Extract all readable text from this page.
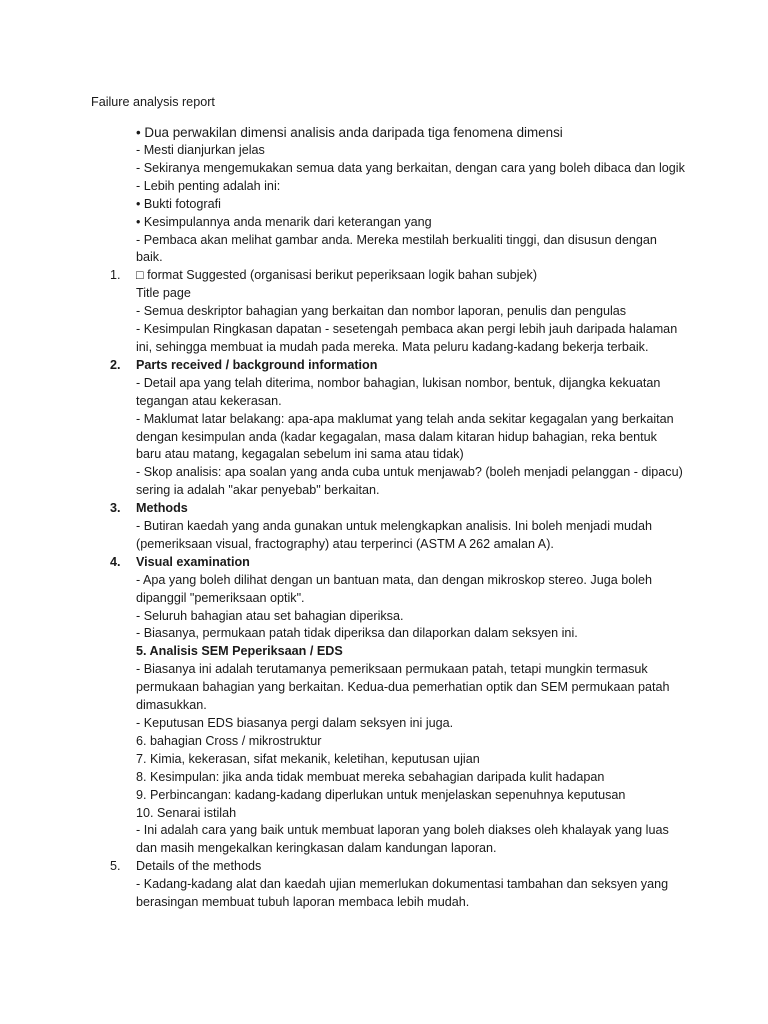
Failure analysis report
• Dua perwakilan dimensi analisis anda daripada tiga fenomena dimensi
- Mesti dianjurkan jelas
- Sekiranya mengemukakan semua data yang berkaitan, dengan cara yang boleh dibaca dan logik
- Lebih penting adalah ini:
• Bukti fotografi
• Kesimpulannya anda menarik dari keterangan yang
- Pembaca akan melihat gambar anda. Mereka mestilah berkualiti tinggi, dan disusun dengan
baik.
1.	□ format Suggested (organisasi berikut peperiksaan logik bahan subjek)
Title page
- Semua deskriptor bahagian yang berkaitan dan nombor laporan, penulis dan pengulas
- Kesimpulan Ringkasan dapatan - sesetengah pembaca akan pergi lebih jauh daripada halaman
ini, sehingga membuat ia mudah pada mereka. Mata peluru kadang-kadang bekerja terbaik.
2.	Parts received / background information
- Detail apa yang telah diterima, nombor bahagian, lukisan nombor, bentuk, dijangka kekuatan
tegangan atau kekerasan.
- Maklumat latar belakang: apa-apa maklumat yang telah anda sekitar kegagalan yang berkaitan
dengan kesimpulan anda (kadar kegagalan, masa dalam kitaran hidup bahagian, reka bentuk
baru atau matang, kegagalan sebelum ini sama atau tidak)
- Skop analisis: apa soalan yang anda cuba untuk menjawab? (boleh menjadi pelanggan - dipacu)
sering ia adalah "akar penyebab" berkaitan.
3.	Methods
- Butiran kaedah yang anda gunakan untuk melengkapkan analisis. Ini boleh menjadi mudah
(pemeriksaan visual, fractography) atau terperinci (ASTM A 262 amalan A).
4.	Visual examination
- Apa yang boleh dilihat dengan un bantuan mata, dan dengan mikroskop stereo. Juga boleh
dipanggil "pemeriksaan optik".
- Seluruh bahagian atau set bahagian diperiksa.
- Biasanya, permukaan patah tidak diperiksa dan dilaporkan dalam seksyen ini.
5. Analisis SEM Peperiksaan / EDS
- Biasanya ini adalah terutamanya pemeriksaan permukaan patah, tetapi mungkin termasuk
permukaan bahagian yang berkaitan. Kedua-dua pemerhatian optik dan SEM permukaan patah
dimasukkan.
- Keputusan EDS biasanya pergi dalam seksyen ini juga.
6. bahagian Cross / mikrostruktur
7. Kimia, kekerasan, sifat mekanik, keletihan, keputusan ujian
8. Kesimpulan: jika anda tidak membuat mereka sebahagian daripada kulit hadapan
9. Perbincangan: kadang-kadang diperlukan untuk menjelaskan sepenuhnya keputusan
10. Senarai istilah
- Ini adalah cara yang baik untuk membuat laporan yang boleh diakses oleh khalayak yang luas
dan masih mengekalkan keringkasan dalam kandungan laporan.
5.	Details of the methods
- Kadang-kadang alat dan kaedah ujian memerlukan dokumentasi tambahan dan seksyen yang
berasingan membuat tubuh laporan membaca lebih mudah.
